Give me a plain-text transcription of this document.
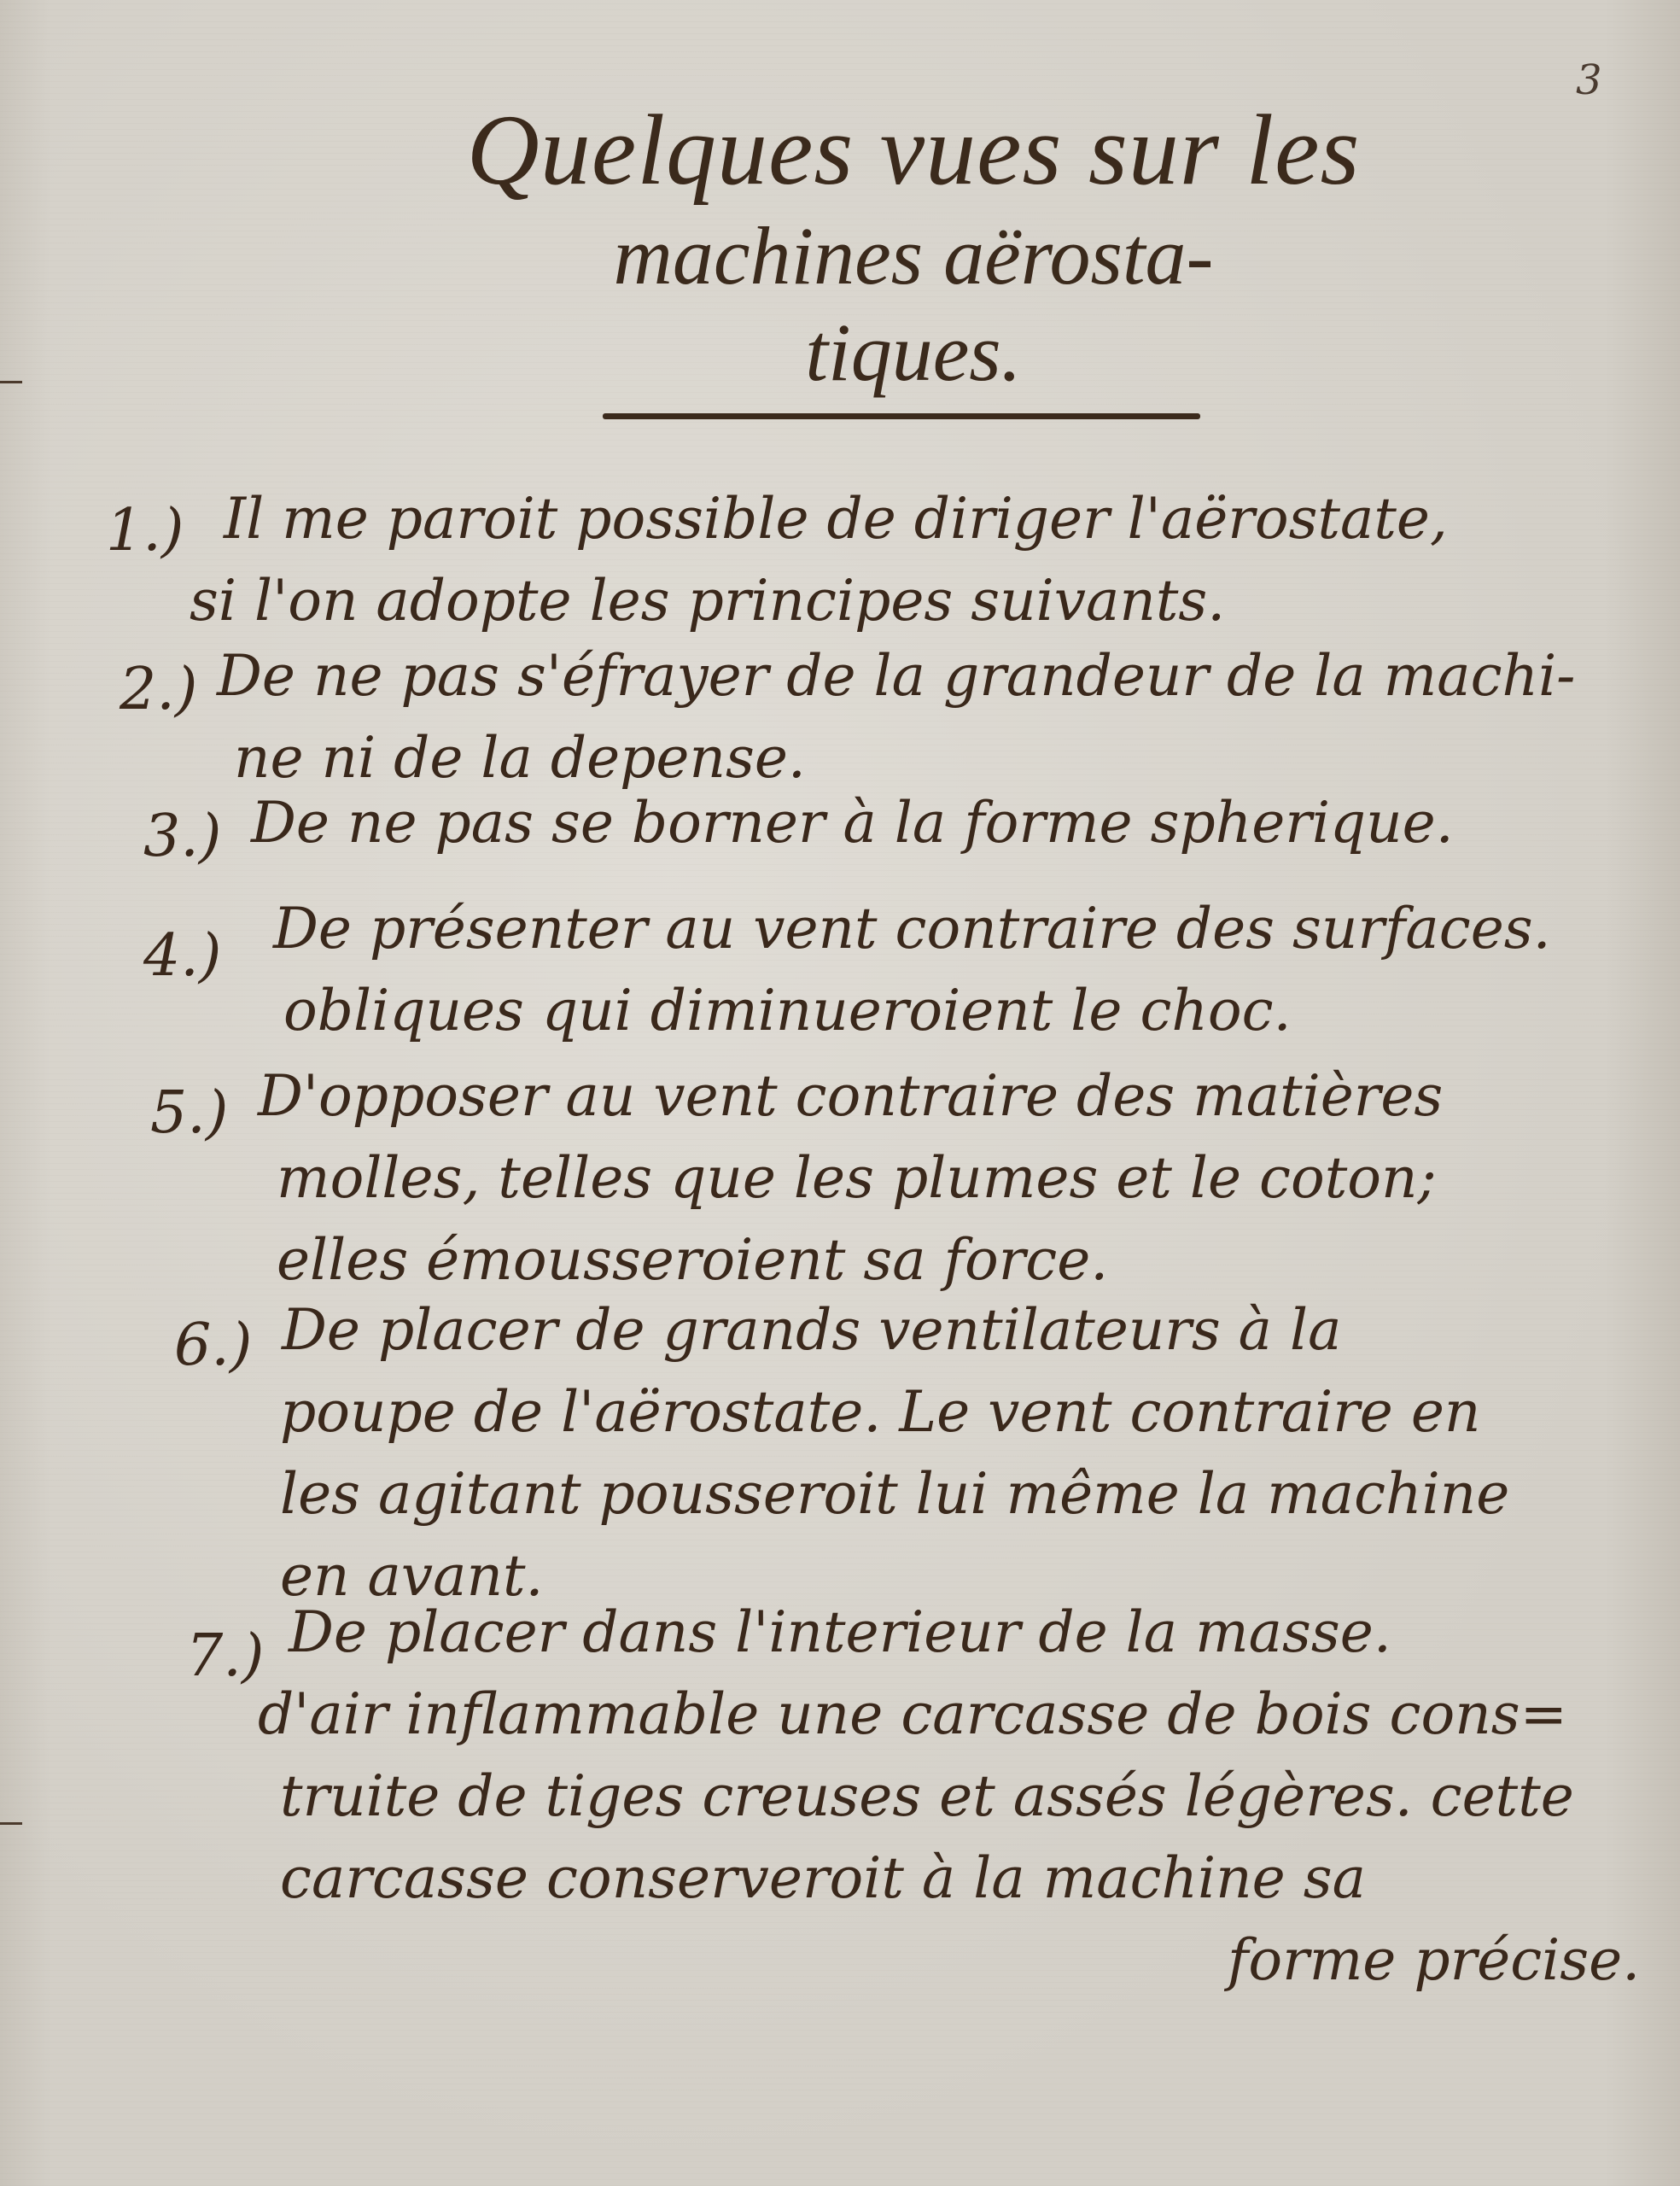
3
Quelques vues sur les
machines aërosta-
tiques.
1.) Il me paroit possible de diriger l'aërostate,
si l'on adopte les principes suivants.
2.) De ne pas s'éfrayer de la grandeur de la machi-
ne ni de la depense.
3.) De ne pas se borner à la forme spherique.
4.) De présenter au vent contraire des surfaces.
obliques qui diminueroient le choc.
5.) D'opposer au vent contraire des matières
molles, telles que les plumes et le coton;
elles émousseroient sa force.
6.) De placer de grands ventilateurs à la
poupe de l'aërostate. Le vent contraire en
les agitant pousseroit lui même la machine
en avant.
7.) De placer dans l'interieur de la masse.
d'air inflammable une carcasse de bois cons=
truite de tiges creuses et assés légères. cette
carcasse conserveroit à la machine sa
forme précise.
